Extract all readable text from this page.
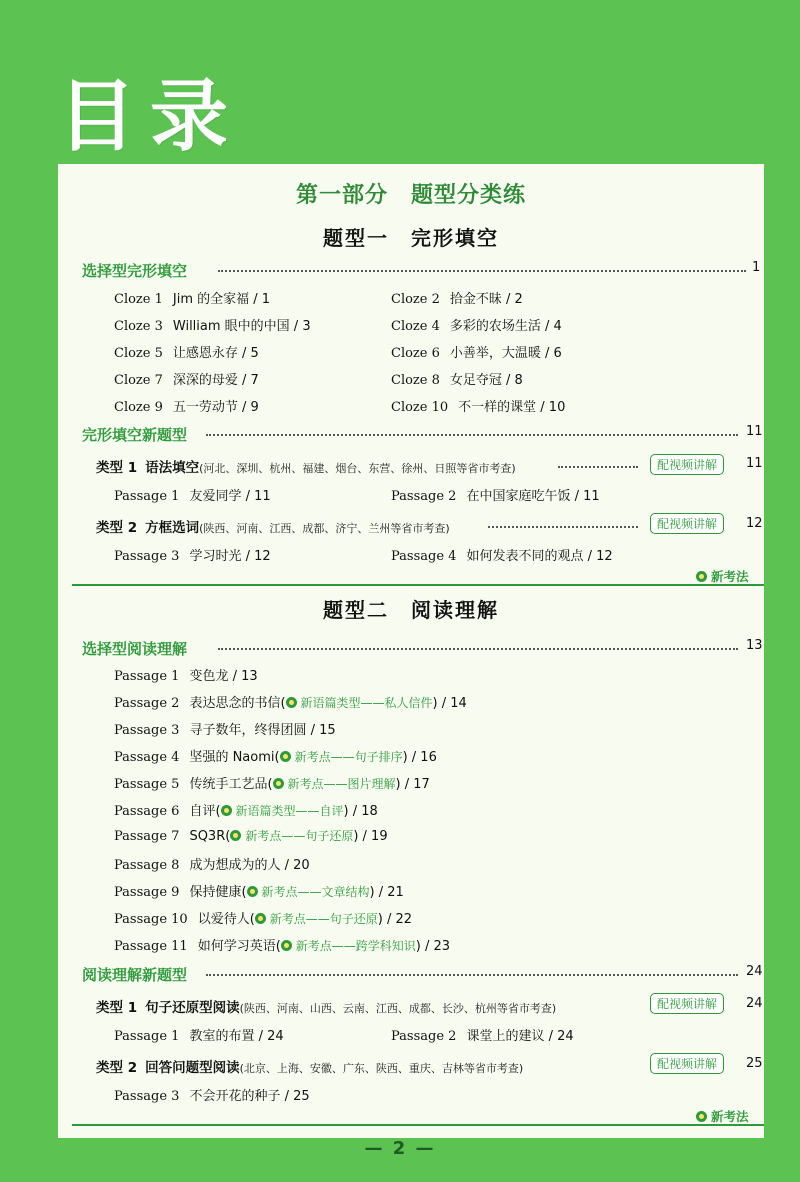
目录
第一部分　题型分类练
题型一　完形填空
选择型完形填空	1
Cloze 1 Jim 的全家福 / 1	Cloze 2 拾金不昧 / 2
Cloze 3 William 眼中的中国 / 3	Cloze 4 多彩的农场生活 / 4
Cloze 5 让感恩永存 / 5	Cloze 6 小善举，大温暖 / 6
Cloze 7 深深的母爱 / 7	Cloze 8 女足夺冠 / 8
Cloze 9 五一劳动节 / 9	Cloze 10 不一样的课堂 / 10
完形填空新题型	11
类型 1 语法填空(河北、深圳、杭州、福建、烟台、东营、徐州、日照等省市考查)	配视频讲解	11
Passage 1 友爱同学 / 11	Passage 2 在中国家庭吃午饭 / 11
类型 2 方框选词(陕西、河南、江西、成都、济宁、兰州等省市考查)	配视频讲解	12
Passage 3 学习时光 / 12	Passage 4 如何发表不同的观点 / 12
新考法
题型二　阅读理解
选择型阅读理解	13
Passage 1 变色龙 / 13
Passage 2 表达思念的书信( 新语篇类型——私人信件) / 14
Passage 3 寻子数年，终得团圆 / 15
Passage 4 坚强的 Naomi( 新考点——句子排序) / 16
Passage 5 传统手工艺品( 新考点——图片理解) / 17
Passage 6 自评( 新语篇类型——自评) / 18
Passage 7 SQ3R( 新考点——句子还原) / 19
Passage 8 成为想成为的人 / 20
Passage 9 保持健康( 新考点——文章结构) / 21
Passage 10 以爱待人( 新考点——句子还原) / 22
Passage 11 如何学习英语( 新考点——跨学科知识) / 23
阅读理解新题型	24
类型 1 句子还原型阅读(陕西、河南、山西、云南、江西、成都、长沙、杭州等省市考查)	配视频讲解	24
Passage 1 教室的布置 / 24	Passage 2 课堂上的建议 / 24
类型 2 回答问题型阅读(北京、上海、安徽、广东、陕西、重庆、吉林等省市考查)	配视频讲解	25
Passage 3 不会开花的种子 / 25
新考法
— 2 —
